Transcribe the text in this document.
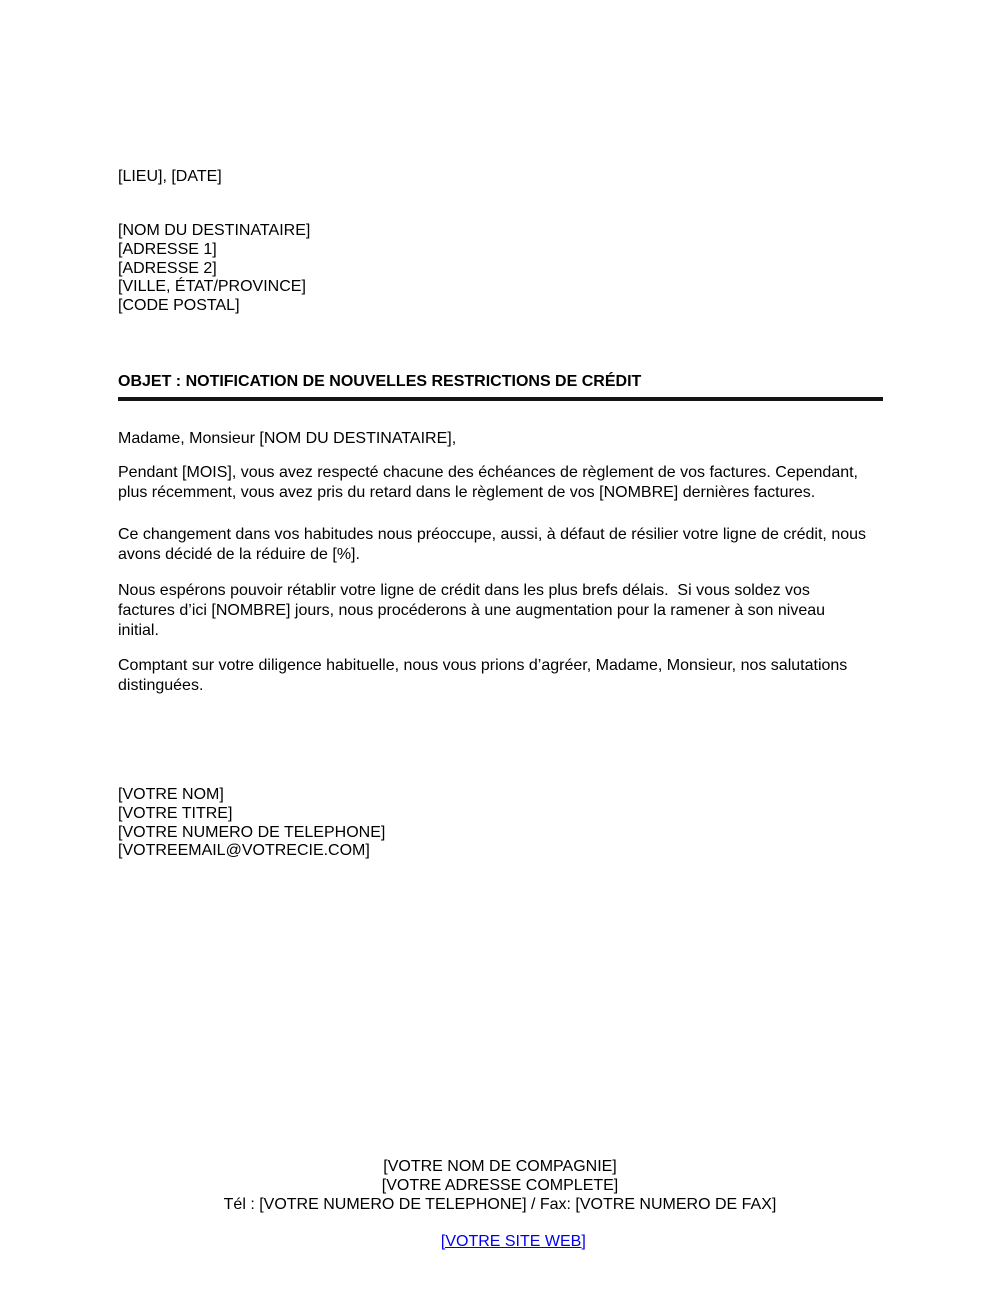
[LIEU], [DATE]
[NOM DU DESTINATAIRE]
[ADRESSE 1]
[ADRESSE 2]
[VILLE, ÉTAT/PROVINCE]
[CODE POSTAL]
OBJET : NOTIFICATION DE NOUVELLES RESTRICTIONS DE CRÉDIT
Madame, Monsieur [NOM DU DESTINATAIRE],
Pendant [MOIS], vous avez respecté chacune des échéances de règlement de vos factures. Cependant,
plus récemment, vous avez pris du retard dans le règlement de vos [NOMBRE] dernières factures.
Ce changement dans vos habitudes nous préoccupe, aussi, à défaut de résilier votre ligne de crédit, nous
avons décidé de la réduire de [%].
Nous espérons pouvoir rétablir votre ligne de crédit dans les plus brefs délais.  Si vous soldez vos
factures d’ici [NOMBRE] jours, nous procéderons à une augmentation pour la ramener à son niveau
initial.
Comptant sur votre diligence habituelle, nous vous prions d’agréer, Madame, Monsieur, nos salutations
distinguées.
[VOTRE NOM]
[VOTRE TITRE]
[VOTRE NUMERO DE TELEPHONE]
[VOTREEMAIL@VOTRECIE.COM]
[VOTRE NOM DE COMPAGNIE]
[VOTRE ADRESSE COMPLETE]
Tél : [VOTRE NUMERO DE TELEPHONE] / Fax: [VOTRE NUMERO DE FAX]

[VOTRE SITE WEB]
